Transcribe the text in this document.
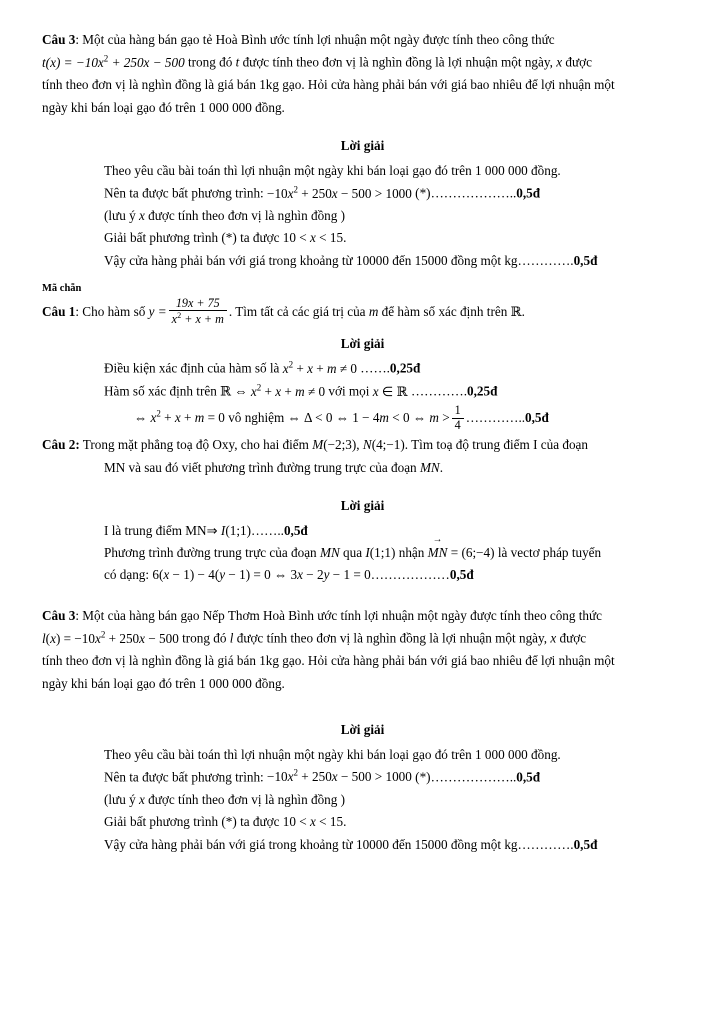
Câu 3: Một của hàng bán gạo tẻ Hoà Bình ước tính lợi nhuận một ngày được tính theo công thức

$t(x) = -10x^2 + 250x - 500$ trong đó t được tính theo đơn vị là nghìn đồng là lợi nhuận một ngày, x được

tính theo đơn vị là nghìn đồng là giá bán 1kg gạo. Hỏi cửa hàng phải bán với giá bao nhiêu để lợi nhuận một

ngày khi bán loại gạo đó trên 1 000 000 đồng.

Lời giải

Theo yêu cầu bài toán thì lợi nhuận một ngày khi bán loại gạo đó trên 1 000 000 đồng.

Nên ta được bất phương trình: $-10x^2 + 250x - 500 > 1000$ (*)………………..0,5đ

(lưu ý x được tính theo đơn vị là nghìn đồng )

Giải bất phương trình (*) ta được 10 < x < 15.

Vậy cửa hàng phải bán với giá trong khoảng từ 10000 đến 15000 đồng một kg………….0,5đ

Mã chẵn

Câu 1: Cho hàm số $y = \frac{19x + 75}{x^2 + x + m}$ . Tìm tất cả các giá trị của m để hàm số xác định trên ℝ.

Lời giải

Điều kiện xác định của hàm số là $x^2 + x + m \ne 0$ …….0,25đ

Hàm số xác định trên ℝ ⇔ $x^2 + x + m \ne 0$ với mọi x ∈ ℝ ………….0,25đ

⇔ $x^2 + x + m = 0$ vô nghiệm ⇔ Δ < 0 ⇔ 1 − 4m < 0 ⇔ $m > \frac{1}{4}$ …………..0,5đ

Câu 2: Trong mặt phẳng toạ độ Oxy, cho hai điểm M(−2;3), N(4;−1). Tìm toạ độ trung điểm I của đoạn

MN và sau đó viết phương trình đường trung trực của đoạn MN.

Lời giải

I là trung điểm MN⇒ I(1;1)……..0,5đ

Phương trình đường trung trực của đoạn MN qua I(1;1) nhận MN → = (6;−4) là vectơ pháp tuyến

có dạng: 6(x − 1) − 4(y − 1) = 0 ⇔ 3x − 2y − 1 = 0………………0,5đ

Câu 3: Một của hàng bán gạo Nếp Thơm Hoà Bình ước tính lợi nhuận một ngày được tính theo công thức

$l(x) = -10x^2 + 250x - 500$ trong đó l được tính theo đơn vị là nghìn đồng là lợi nhuận một ngày, x được

tính theo đơn vị là nghìn đồng là giá bán 1kg gạo. Hỏi cửa hàng phải bán với giá bao nhiêu để lợi nhuận một

ngày khi bán loại gạo đó trên 1 000 000 đồng.

Lời giải

Theo yêu cầu bài toán thì lợi nhuận một ngày khi bán loại gạo đó trên 1 000 000 đồng.

Nên ta được bất phương trình: $-10x^2 + 250x - 500 > 1000$ (*)………………..0,5đ

(lưu ý x được tính theo đơn vị là nghìn đồng )

Giải bất phương trình (*) ta được 10 < x < 15.

Vậy cửa hàng phải bán với giá trong khoảng từ 10000 đến 15000 đồng một kg………….0,5đ
